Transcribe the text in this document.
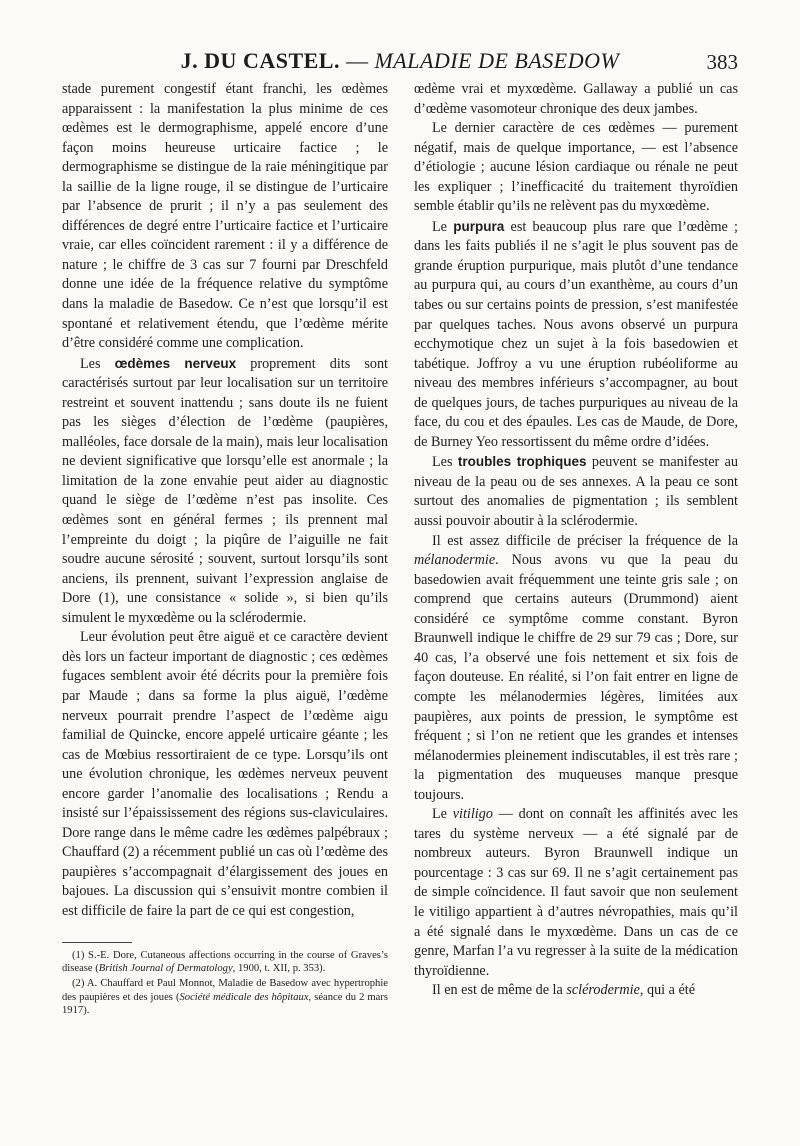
J. DU CASTEL. — MALADIE DE BASEDOW	383

stade purement congestif étant franchi, les œdèmes apparaissent : la manifestation la plus minime de ces œdèmes est le dermographisme, appelé encore d’une façon moins heureuse urticaire factice ; le dermographisme se distingue de la raie méningitique par la saillie de la ligne rouge, il se distingue de l’urticaire par l’absence de prurit ; il n’y a pas seulement des différences de degré entre l’urticaire factice et l’urticaire vraie, car elles coïncident rarement : il y a différence de nature ; le chiffre de 3 cas sur 7 fourni par Dreschfeld donne une idée de la fréquence relative du symptôme dans la maladie de Basedow. Ce n’est que lorsqu’il est spontané et relativement étendu, que l’œdème mérite d’être considéré comme une complication.

Les œdèmes nerveux proprement dits sont caractérisés surtout par leur localisation sur un territoire restreint et souvent inattendu ; sans doute ils ne fuient pas les sièges d’élection de l’œdème (paupières, malléoles, face dorsale de la main), mais leur localisation ne devient significative que lorsqu’elle est anormale ; la limitation de la zone envahie peut aider au diagnostic quand le siège de l’œdème n’est pas insolite. Ces œdèmes sont en général fermes ; ils prennent mal l’empreinte du doigt ; la piqûre de l’aiguille ne fait soudre aucune sérosité ; souvent, surtout lorsqu’ils sont anciens, ils prennent, suivant l’expression anglaise de Dore (1), une consistance « solide », si bien qu’ils simulent le myxœdème ou la sclérodermie.

Leur évolution peut être aiguë et ce caractère devient dès lors un facteur important de diagnostic ; ces œdèmes fugaces semblent avoir été décrits pour la première fois par Maude ; dans sa forme la plus aiguë, l’œdème nerveux pourrait prendre l’aspect de l’œdème aigu familial de Quincke, encore appelé urticaire géante ; les cas de Mœbius ressortiraient de ce type. Lorsqu’ils ont une évolution chronique, les œdèmes nerveux peuvent encore garder l’anomalie des localisations ; Rendu a insisté sur l’épaississement des régions sus-claviculaires. Dore range dans le même cadre les œdèmes palpébraux ; Chauffard (2) a récemment publié un cas où l’œdème des paupières s’accompagnait d’élargissement des joues en bajoues. La discussion qui s’ensuivit montre combien il est difficile de faire la part de ce qui est congestion,

(1) S.-E. Dore, Cutaneous affections occurring in the course of Graves’s disease (British Journal of Dermatology, 1900, t. XII, p. 353).

(2) A. Chauffard et Paul Monnot, Maladie de Basedow avec hypertrophie des paupières et des joues (Société médicale des hôpitaux, séance du 2 mars 1917).

œdème vrai et myxœdème. Gallaway a publié un cas d’œdème vasomoteur chronique des deux jambes.

Le dernier caractère de ces œdèmes — purement négatif, mais de quelque importance, — est l’absence d’étiologie ; aucune lésion cardiaque ou rénale ne peut les expliquer ; l’inefficacité du traitement thyroïdien semble établir qu’ils ne relèvent pas du myxœdème.

Le purpura est beaucoup plus rare que l’œdème ; dans les faits publiés il ne s’agit le plus souvent pas de grande éruption purpurique, mais plutôt d’une tendance au purpura qui, au cours d’un exanthème, au cours d’un tabes ou sur certains points de pression, s’est manifestée par quelques taches. Nous avons observé un purpura ecchymotique chez un sujet à la fois basedowien et tabétique. Joffroy a vu une éruption rubéoliforme au niveau des membres inférieurs s’accompagner, au bout de quelques jours, de taches purpuriques au niveau de la face, du cou et des épaules. Les cas de Maude, de Dore, de Burney Yeo ressortissent du même ordre d’idées.

Les troubles trophiques peuvent se manifester au niveau de la peau ou de ses annexes. A la peau ce sont surtout des anomalies de pigmentation ; ils semblent aussi pouvoir aboutir à la sclérodermie.

Il est assez difficile de préciser la fréquence de la mélanodermie. Nous avons vu que la peau du basedowien avait fréquemment une teinte gris sale ; on comprend que certains auteurs (Drummond) aient considéré ce symptôme comme constant. Byron Braunwell indique le chiffre de 29 sur 79 cas ; Dore, sur 40 cas, l’a observé une fois nettement et six fois de façon douteuse. En réalité, si l’on fait entrer en ligne de compte les mélanodermies légères, limitées aux paupières, aux points de pression, le symptôme est fréquent ; si l’on ne retient que les grandes et intenses mélanodermies pleinement indiscutables, il est très rare ; la pigmentation des muqueuses manque presque toujours.

Le vitiligo — dont on connaît les affinités avec les tares du système nerveux — a été signalé par de nombreux auteurs. Byron Braunwell indique un pourcentage : 3 cas sur 69. Il ne s’agit certainement pas de simple coïncidence. Il faut savoir que non seulement le vitiligo appartient à d’autres névropathies, mais qu’il a été signalé dans le myxœdème. Dans un cas de ce genre, Marfan l’a vu regresser à la suite de la médication thyroïdienne.

Il en est de même de la sclérodermie, qui a été
